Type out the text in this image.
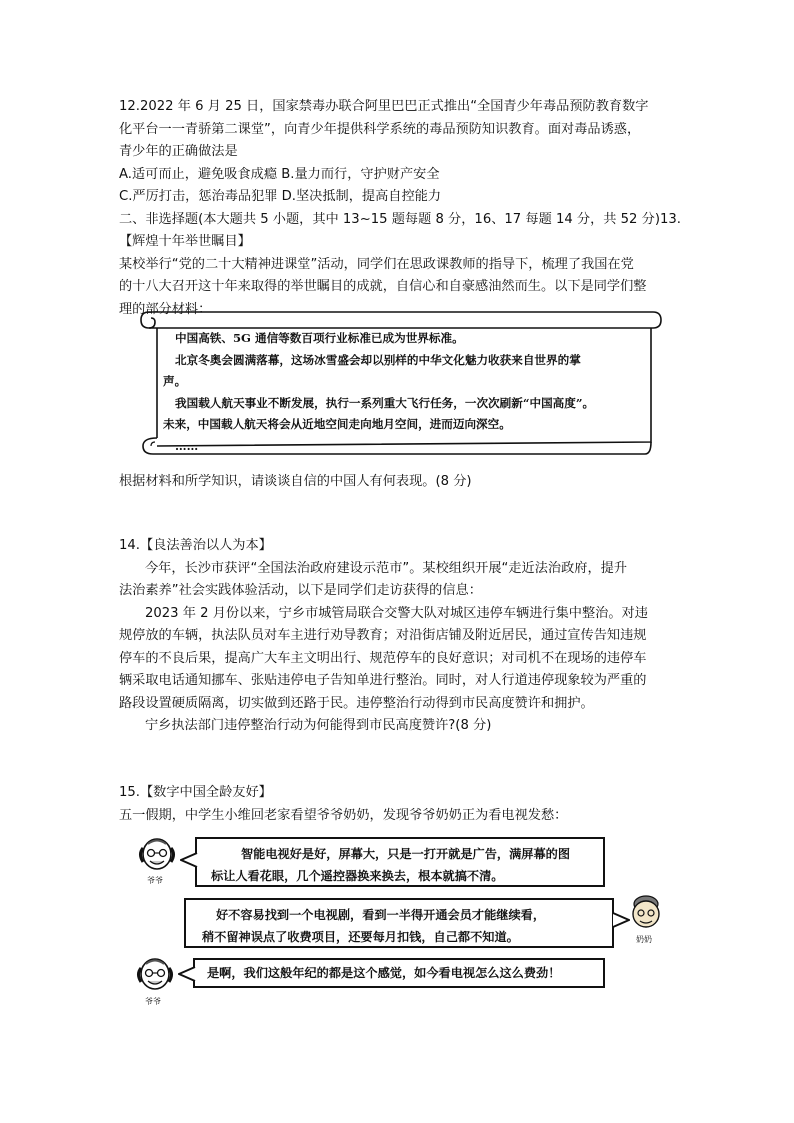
12.2022 年 6 月 25 日，国家禁毒办联合阿里巴巴正式推出“全国青少年毒品预防教育数字
化平台一一青骄第二课堂”，向青少年提供科学系统的毒品预防知识教育。面对毒品诱惑，
青少年的正确做法是
A.适可而止，避免吸食成瘾 B.量力而行，守护财产安全
C.严厉打击，惩治毒品犯罪 D.坚决抵制，提高自控能力
二、非选择题(本大题共 5 小题，其中 13~15 题每题 8 分，16、17 每题 14 分，共 52 分)13.
【辉煌十年举世瞩目】
某校举行“党的二十大精神进课堂”活动，同学们在思政课教师的指导下，梳理了我国在党
的十八大召开这十年来取得的举世瞩目的成就，自信心和自豪感油然而生。以下是同学们整
理的部分材料：
中国高铁、5G 通信等数百项行业标准已成为世界标准。
北京冬奥会圆满落幕，这场冰雪盛会却以别样的中华文化魅力收获来自世界的掌
声。
我国载人航天事业不断发展，执行一系列重大飞行任务，一次次刷新“中国高度”。
未来，中国载人航天将会从近地空间走向地月空间，进而迈向深空。
……
根据材料和所学知识，请谈谈自信的中国人有何表现。(8 分)
14.【良法善治以人为本】
今年，长沙市获评“全国法治政府建设示范市”。某校组织开展“走近法治政府，提升
法治素养”社会实践体验活动，以下是同学们走访获得的信息：
2023 年 2 月份以来，宁乡市城管局联合交警大队对城区违停车辆进行集中整治。对违
规停放的车辆，执法队员对车主进行劝导教育；对沿街店铺及附近居民，通过宣传告知违规
停车的不良后果，提高广大车主文明出行、规范停车的良好意识；对司机不在现场的违停车
辆采取电话通知挪车、张贴违停电子告知单进行整治。同时，对人行道违停现象较为严重的
路段设置硬质隔离，切实做到还路于民。违停整治行动得到市民高度赞许和拥护。
宁乡执法部门违停整治行动为何能得到市民高度赞许?(8 分)
15.【数字中国全龄友好】
五一假期，中学生小维回老家看望爷爷奶奶，发现爷爷奶奶正为看电视发愁：
爷爷
智能电视好是好，屏幕大，只是一打开就是广告，满屏幕的图
标让人看花眼，几个遥控器换来换去，根本就搞不清。
好不容易找到一个电视剧，看到一半得开通会员才能继续看，
稍不留神误点了收费项目，还要每月扣钱，自己都不知道。	奶奶
爷爷
是啊，我们这般年纪的都是这个感觉，如今看电视怎么这么费劲！
